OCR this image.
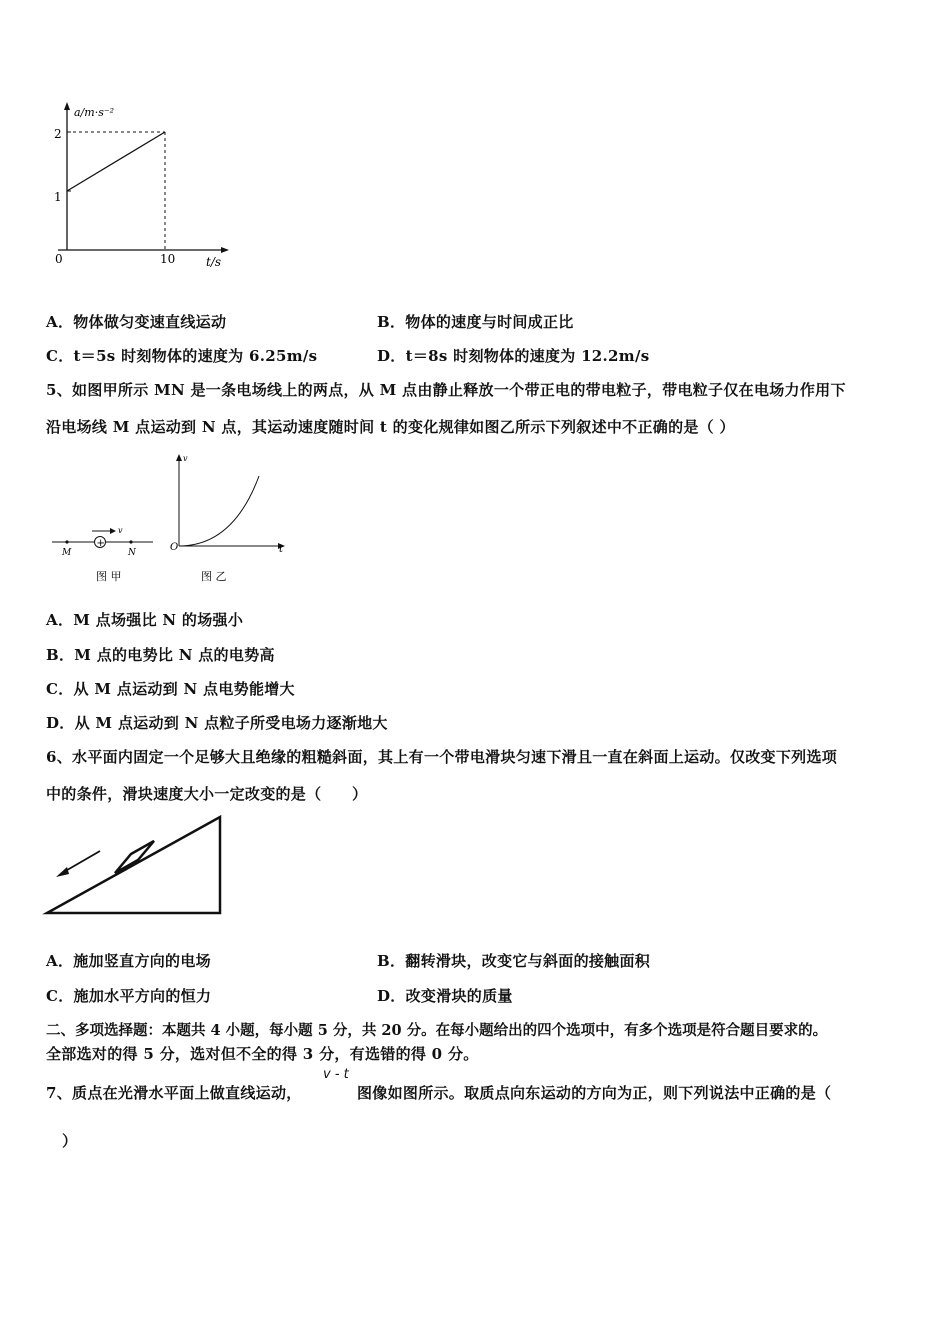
a/m·s⁻²
t/s
1
2
0	10
A．物体做匀变速直线运动	B．物体的速度与时间成正比
C．t＝5s 时刻物体的速度为 6.25m/s	D．t＝8s 时刻物体的速度为 12.2m/s
5、如图甲所示 MN 是一条电场线上的两点，从 M 点由静止释放一个带正电的带电粒子，带电粒子仅在电场力作用下
沿电场线 M 点运动到 N 点，其运动速度随时间 t 的变化规律如图乙所示下列叙述中不正确的是（ ）
+
v
M	N
图 甲
v
O	t
图 乙
A．M 点场强比 N 的场强小
B．M 点的电势比 N 点的电势高
C．从 M 点运动到 N 点电势能增大
D．从 M 点运动到 N 点粒子所受电场力逐渐地大
6、水平面内固定一个足够大且绝缘的粗糙斜面，其上有一个带电滑块匀速下滑且一直在斜面上运动。仅改变下列选项
中的条件，滑块速度大小一定改变的是（　　）
A．施加竖直方向的电场	B．翻转滑块，改变它与斜面的接触面积
C．施加水平方向的恒力	D．改变滑块的质量
二、多项选择题：本题共 4 小题，每小题 5 分，共 20 分。在每小题给出的四个选项中，有多个选项是符合题目要求的。
全部选对的得 5 分，选对但不全的得 3 分，有选错的得 0 分。
7、质点在光滑水平面上做直线运动，
v - t
图像如图所示。取质点向东运动的方向为正，则下列说法中正确的是（
）
